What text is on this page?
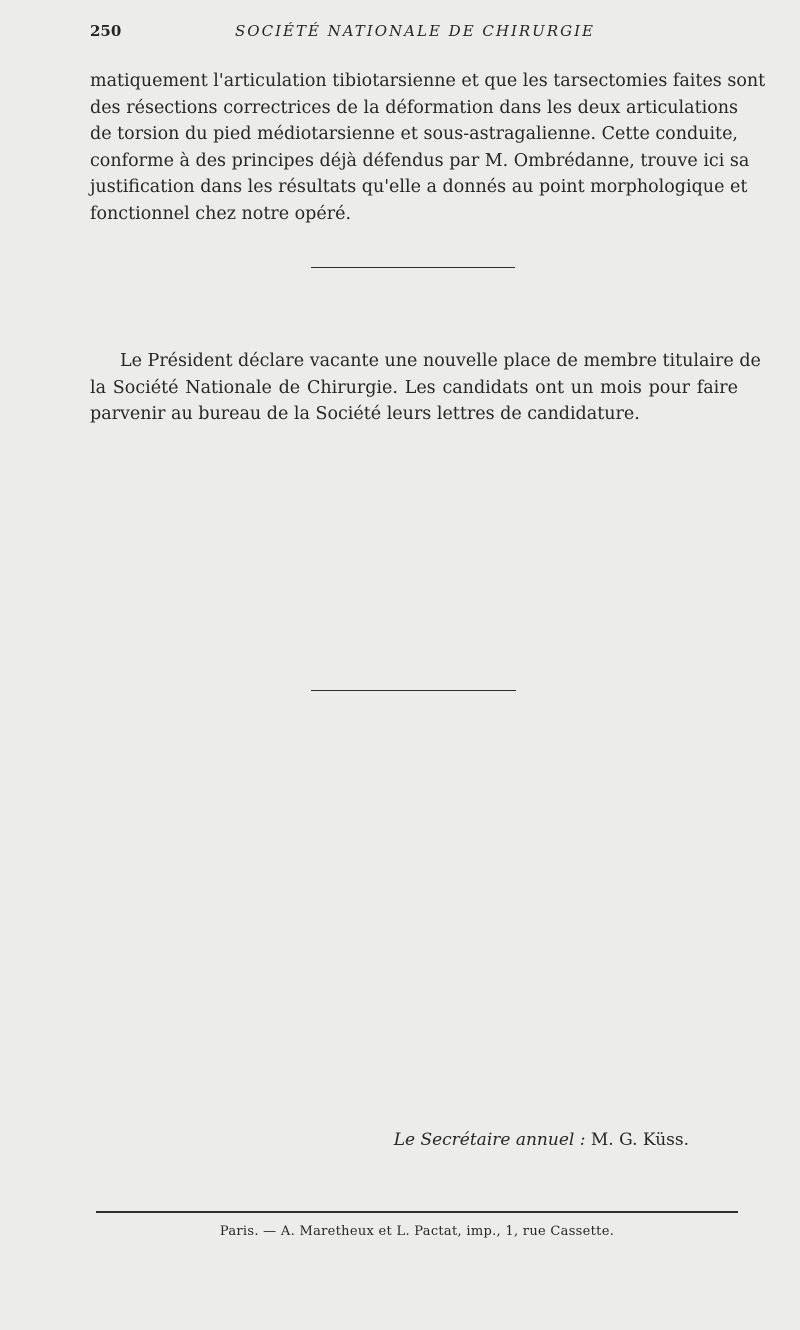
250	SOCIÉTÉ NATIONALE DE CHIRURGIE

matiquement l'articulation tibiotarsienne et que les tarsectomies faites sont
des résections correctrices de la déformation dans les deux articulations
de torsion du pied médiotarsienne et sous-astragalienne. Cette conduite,
conforme à des principes déjà défendus par M. Ombrédanne, trouve ici sa
justification dans les résultats qu'elle a donnés au point morphologique et
fonctionnel chez notre opéré.

Le Président déclare vacante une nouvelle place de membre titulaire de
la Société Nationale de Chirurgie. Les candidats ont un mois pour faire
parvenir au bureau de la Société leurs lettres de candidature.

Le Secrétaire annuel : M. G. Küss.
Paris. — A. Maretheux et L. Pactat, imp., 1, rue Cassette.
